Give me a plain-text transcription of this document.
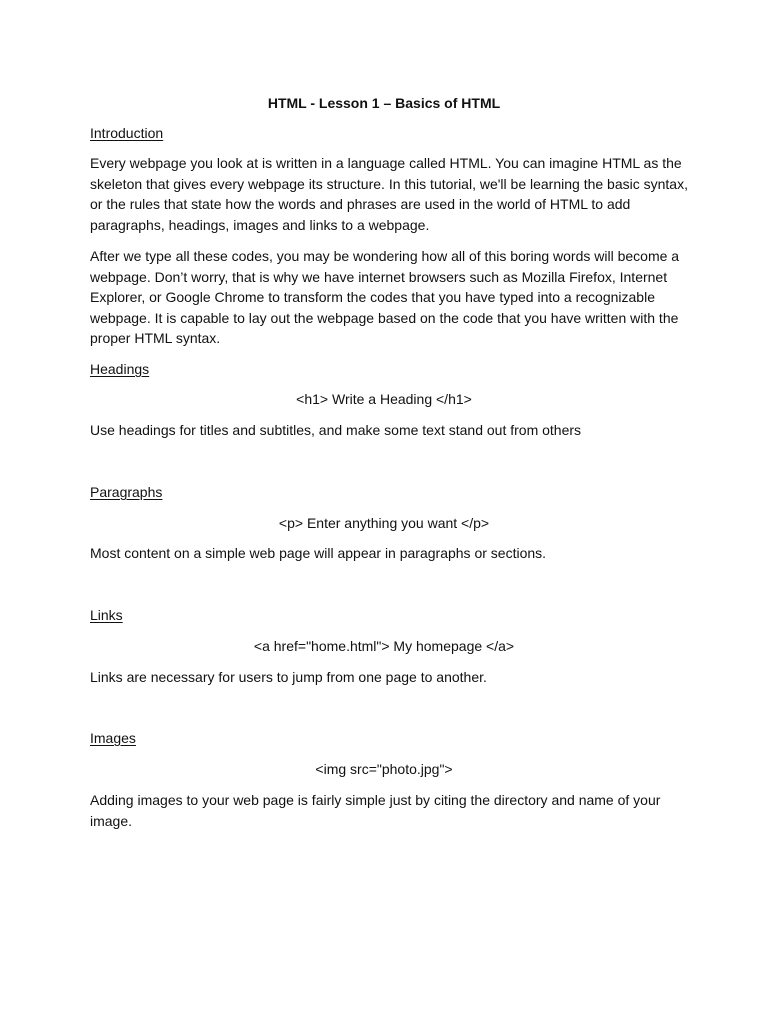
HTML - Lesson 1 – Basics of HTML

Introduction

Every webpage you look at is written in a language called HTML. You can imagine HTML as the skeleton that gives every webpage its structure. In this tutorial, we'll be learning the basic syntax, or the rules that state how the words and phrases are used in the world of HTML to add paragraphs, headings, images and links to a webpage.

After we type all these codes, you may be wondering how all of this boring words will become a webpage. Don’t worry, that is why we have internet browsers such as Mozilla Firefox, Internet Explorer, or Google Chrome to transform the codes that you have typed into a recognizable webpage. It is capable to lay out the webpage based on the code that you have written with the proper HTML syntax.

Headings

<h1> Write a Heading </h1>

Use headings for titles and subtitles, and make some text stand out from others

Paragraphs

<p> Enter anything you want </p>

Most content on a simple web page will appear in paragraphs or sections.

Links

<a href="home.html"> My homepage </a>

Links are necessary for users to jump from one page to another.

Images

<img src="photo.jpg">

Adding images to your web page is fairly simple just by citing the directory and name of your image.
